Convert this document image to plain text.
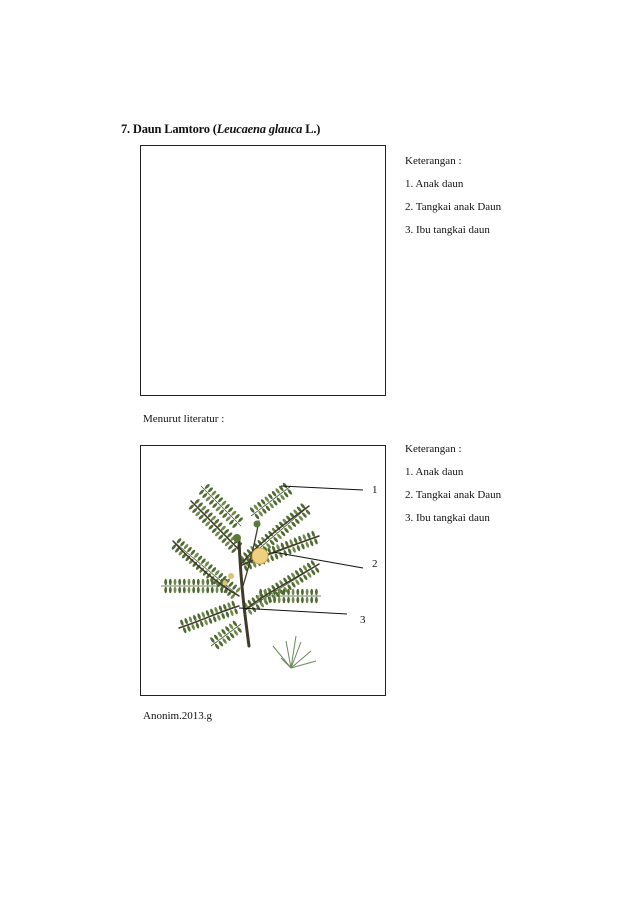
7. Daun Lamtoro (Leucaena glauca L.)
Keterangan :
1. Anak daun
2. Tangkai anak Daun
3. Ibu tangkai daun
Menurut literatur :
1
2
3
Keterangan :
1. Anak daun
2. Tangkai anak Daun
3. Ibu tangkai daun
Anonim.2013.g
